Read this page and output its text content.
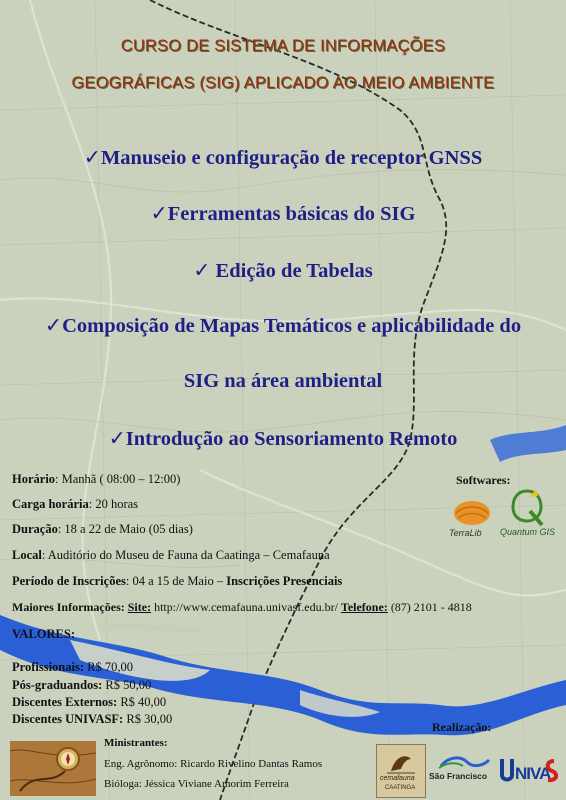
CURSO DE SISTEMA DE INFORMAÇÕES
GEOGRÁFICAS (SIG) APLICADO AO MEIO AMBIENTE
✓Manuseio e configuração de receptor GNSS
✓Ferramentas básicas do SIG
✓ Edição de Tabelas
✓Composição de Mapas Temáticos e aplicabilidade do
SIG na área ambiental
✓Introdução ao Sensoriamento Remoto
Horário: Manhã ( 08:00 – 12:00)
Carga horária: 20 horas
Duração: 18 a 22 de Maio (05 dias)
Local: Auditório do Museu de Fauna da Caatinga – Cemafauna
Período de Inscrições: 04 a 15 de Maio – Inscrições Presenciais
Maiores Informações: Site: http://www.cemafauna.univasf.edu.br/ Telefone: (87) 2101 - 4818
VALORES:
Profissionais: R$ 70,00
Pós-graduandos: R$ 50,00
Discentes Externos: R$ 40,00
Discentes UNIVASF: R$ 30,00
Ministrantes:
Eng. Agrônomo: Ricardo Rivelino Dantas Ramos
Bióloga: Jéssica Viviane Amorim Ferreira
Softwares:
TerraLib Quantum GIS
Realização:
cemafauna
CAATINGA
São Francisco NIVA
